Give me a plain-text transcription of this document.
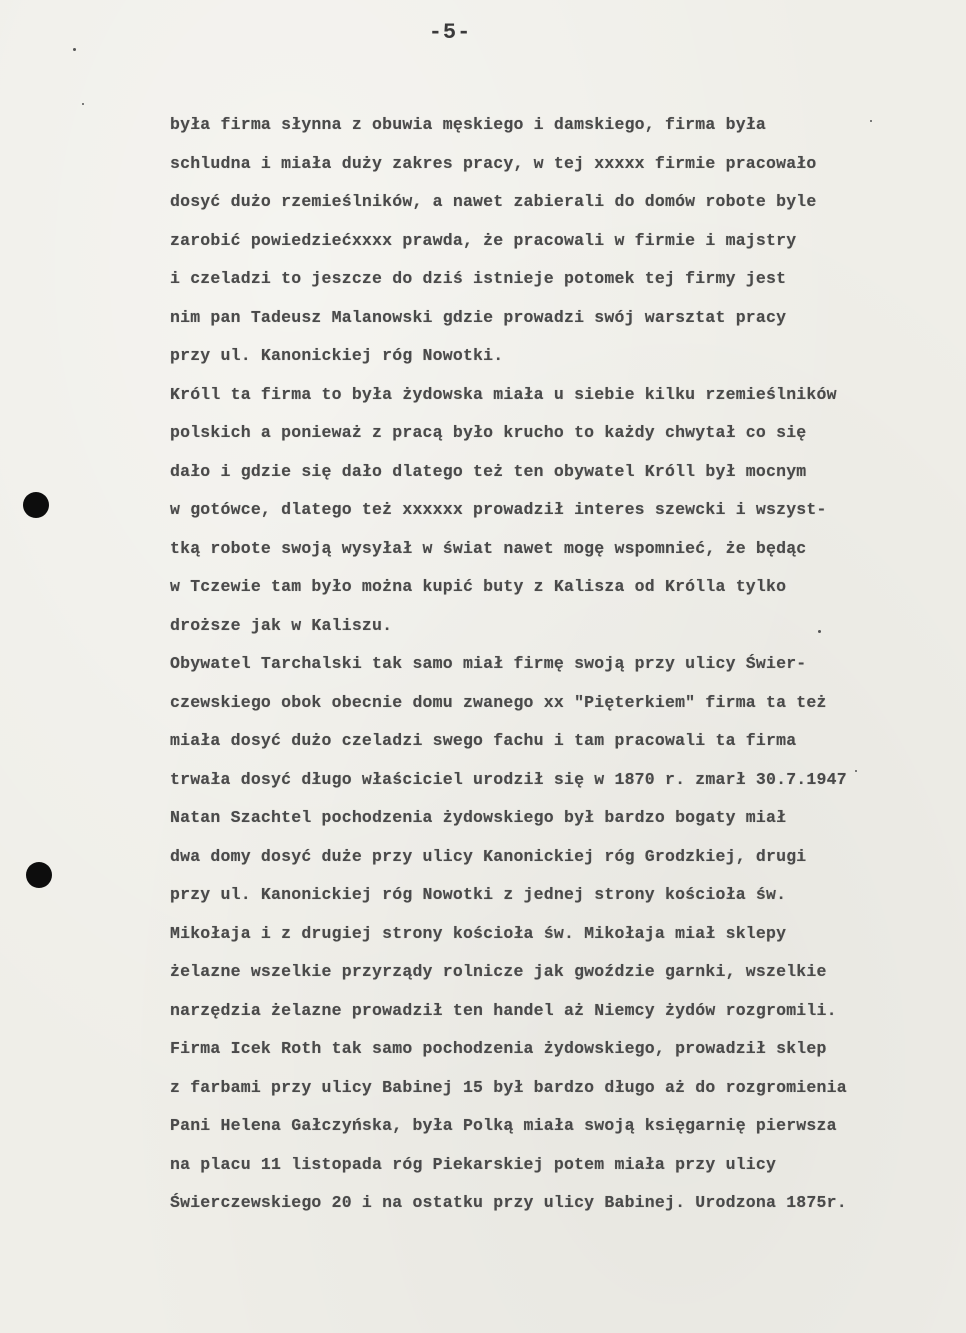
-5-
była firma słynna z obuwia męskiego i damskiego, firma była
schludna i miała duży zakres pracy, w tej xxxxx firmie pracowało
dosyć dużo rzemieślników, a nawet zabierali do domów robote byle
zarobić powiedziećxxxx prawda, że pracowali w firmie i majstry
i czeladzi to jeszcze do dziś istnieje potomek tej firmy jest
nim pan Tadeusz Malanowski gdzie prowadzi swój warsztat pracy
przy ul. Kanonickiej róg Nowotki.
Króll ta firma to była żydowska miała u siebie kilku rzemieślników
polskich a ponieważ z pracą było krucho to każdy chwytał co się
dało i gdzie się dało dlatego też ten obywatel Króll był mocnym
w gotówce, dlatego też xxxxxx prowadził interes szewcki i wszyst-
tką robote swoją wysyłał w świat nawet mogę wspomnieć, że będąc
w Tczewie tam było można kupić buty z Kalisza od Królla tylko
droższe jak w Kaliszu.
Obywatel Tarchalski tak samo miał firmę swoją przy ulicy Świer-
czewskiego obok obecnie domu zwanego xx "Pięterkiem" firma ta też
miała dosyć dużo czeladzi swego fachu i tam pracowali ta firma
trwała dosyć długo właściciel urodził się w 1870 r. zmarł 30.7.1947
Natan Szachtel pochodzenia żydowskiego był bardzo bogaty miał
dwa domy dosyć duże przy ulicy Kanonickiej róg Grodzkiej, drugi
przy ul. Kanonickiej róg Nowotki z jednej strony kościoła św.
Mikołaja i z drugiej strony kościoła św. Mikołaja miał sklepy
żelazne wszelkie przyrządy rolnicze jak gwoździe garnki, wszelkie
narzędzia żelazne prowadził ten handel aż Niemcy żydów rozgromili.
Firma Icek Roth tak samo pochodzenia żydowskiego, prowadził sklep
z farbami przy ulicy Babinej 15 był bardzo długo aż do rozgromienia
Pani Helena Gałczyńska, była Polką miała swoją księgarnię pierwsza
na placu 11 listopada róg Piekarskiej potem miała przy ulicy
Świerczewskiego 20 i na ostatku przy ulicy Babinej. Urodzona 1875r.
